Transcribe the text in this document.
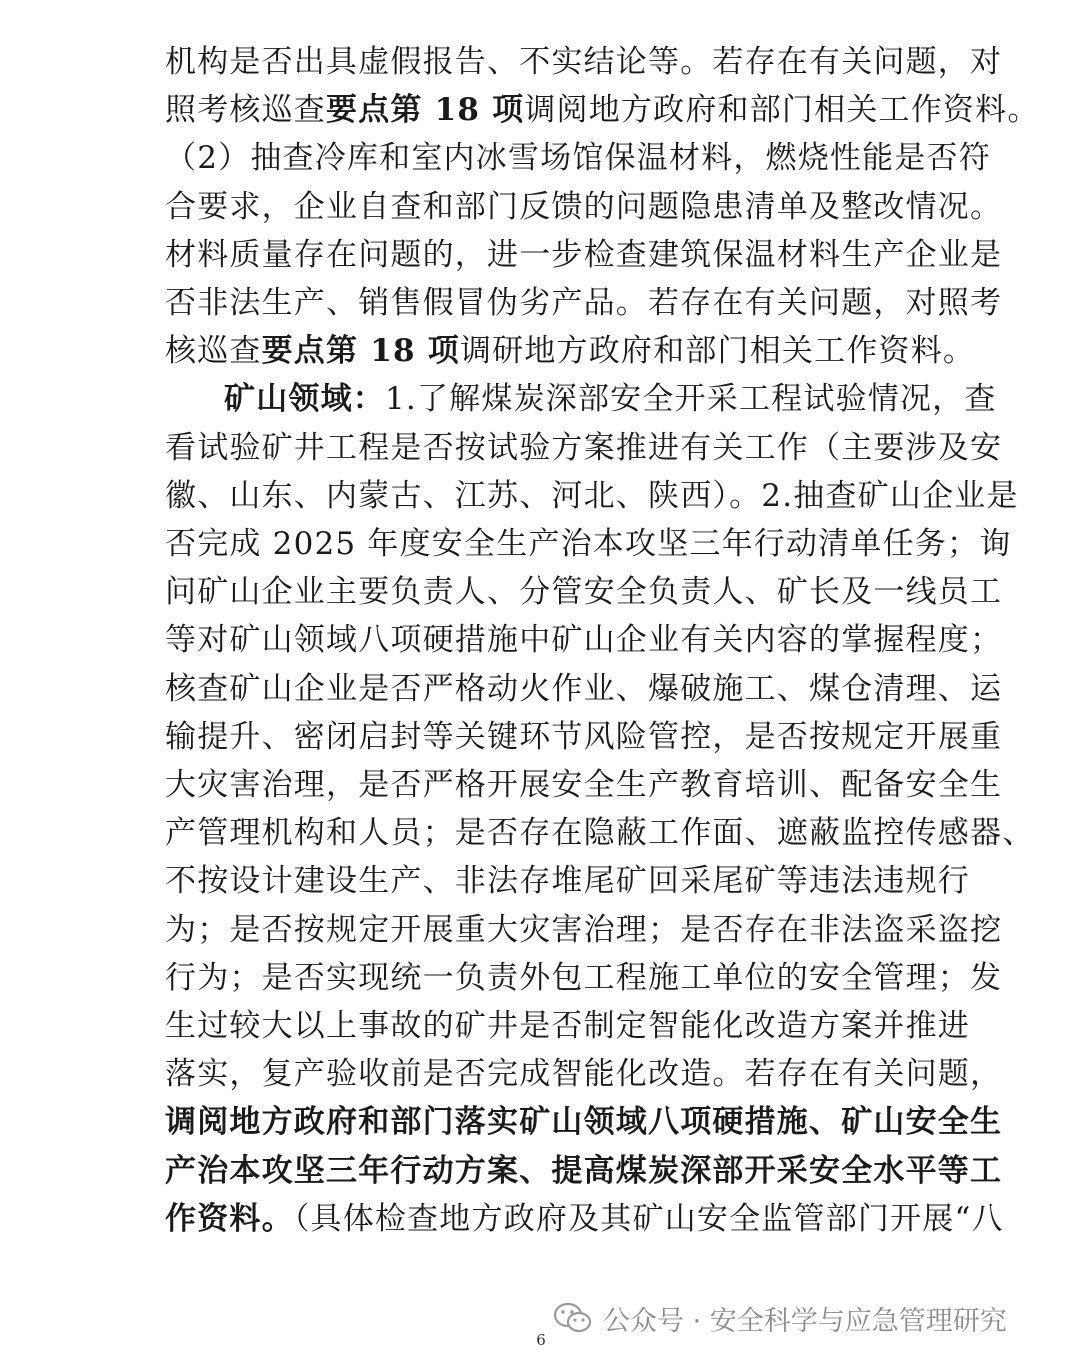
机构是否出具虚假报告、不实结论等。若存在有关问题，对
照考核巡查要点第 18 项调阅地方政府和部门相关工作资料。
（2）抽查冷库和室内冰雪场馆保温材料，燃烧性能是否符
合要求，企业自查和部门反馈的问题隐患清单及整改情况。
材料质量存在问题的，进一步检查建筑保温材料生产企业是
否非法生产、销售假冒伪劣产品。若存在有关问题，对照考
核巡查要点第 18 项调研地方政府和部门相关工作资料。
矿山领域：1.了解煤炭深部安全开采工程试验情况，查
看试验矿井工程是否按试验方案推进有关工作（主要涉及安
徽、山东、内蒙古、江苏、河北、陕西）。2.抽查矿山企业是
否完成 2025 年度安全生产治本攻坚三年行动清单任务；询
问矿山企业主要负责人、分管安全负责人、矿长及一线员工
等对矿山领域八项硬措施中矿山企业有关内容的掌握程度；
核查矿山企业是否严格动火作业、爆破施工、煤仓清理、运
输提升、密闭启封等关键环节风险管控，是否按规定开展重
大灾害治理，是否严格开展安全生产教育培训、配备安全生
产管理机构和人员；是否存在隐蔽工作面、遮蔽监控传感器、
不按设计建设生产、非法存堆尾矿回采尾矿等违法违规行
为；是否按规定开展重大灾害治理；是否存在非法盗采盗挖
行为；是否实现统一负责外包工程施工单位的安全管理；发
生过较大以上事故的矿井是否制定智能化改造方案并推进
落实，复产验收前是否完成智能化改造。若存在有关问题，
调阅地方政府和部门落实矿山领域八项硬措施、矿山安全生
产治本攻坚三年行动方案、提高煤炭深部开采安全水平等工
作资料。（具体检查地方政府及其矿山安全监管部门开展“八
公众号 · 安全科学与应急管理研究
6
